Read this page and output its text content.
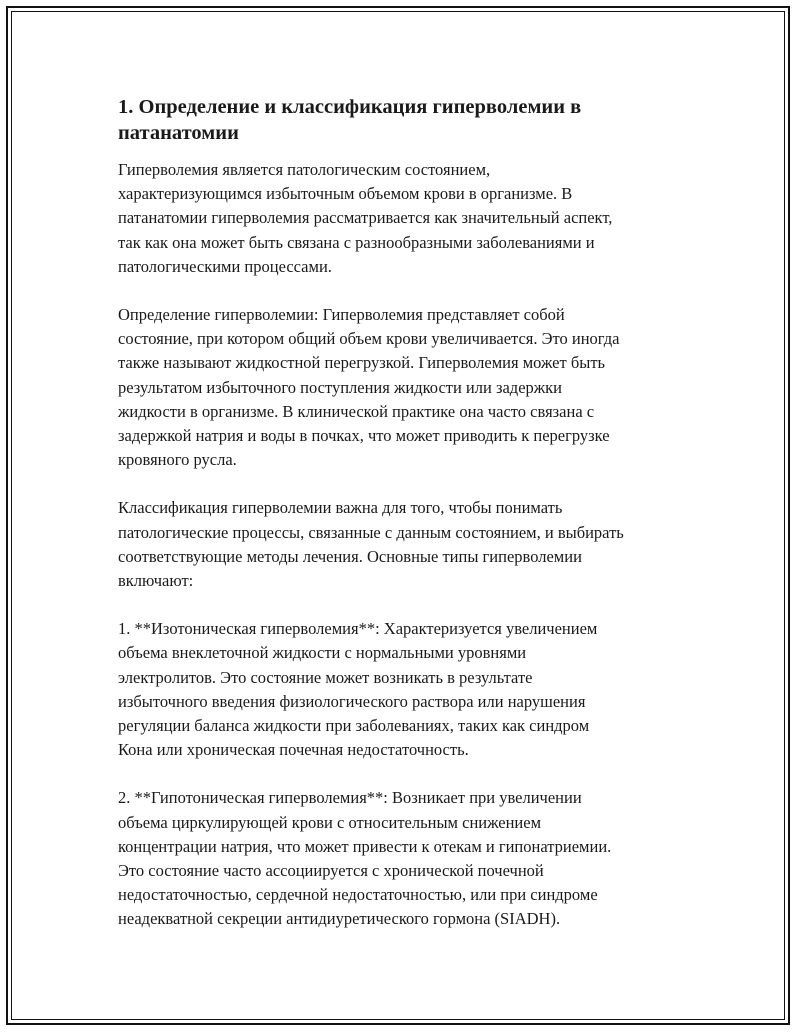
1. Определение и классификация гиперволемии в
патанатомии

Гиперволемия является патологическим состоянием,
характеризующимся избыточным объемом крови в организме. В
патанатомии гиперволемия рассматривается как значительный аспект,
так как она может быть связана с разнообразными заболеваниями и
патологическими процессами.

Определение гиперволемии: Гиперволемия представляет собой
состояние, при котором общий объем крови увеличивается. Это иногда
также называют жидкостной перегрузкой. Гиперволемия может быть
результатом избыточного поступления жидкости или задержки
жидкости в организме. В клинической практике она часто связана с
задержкой натрия и воды в почках, что может приводить к перегрузке
кровяного русла.

Классификация гиперволемии важна для того, чтобы понимать
патологические процессы, связанные с данным состоянием, и выбирать
соответствующие методы лечения. Основные типы гиперволемии
включают:

1. **Изотоническая гиперволемия**: Характеризуется увеличением
объема внеклеточной жидкости с нормальными уровнями
электролитов. Это состояние может возникать в результате
избыточного введения физиологического раствора или нарушения
регуляции баланса жидкости при заболеваниях, таких как синдром
Кона или хроническая почечная недостаточность.

2. **Гипотоническая гиперволемия**: Возникает при увеличении
объема циркулирующей крови с относительным снижением
концентрации натрия, что может привести к отекам и гипонатриемии.
Это состояние часто ассоциируется с хронической почечной
недостаточностью, сердечной недостаточностью, или при синдроме
неадекватной секреции антидиуретического гормона (SIADH).
